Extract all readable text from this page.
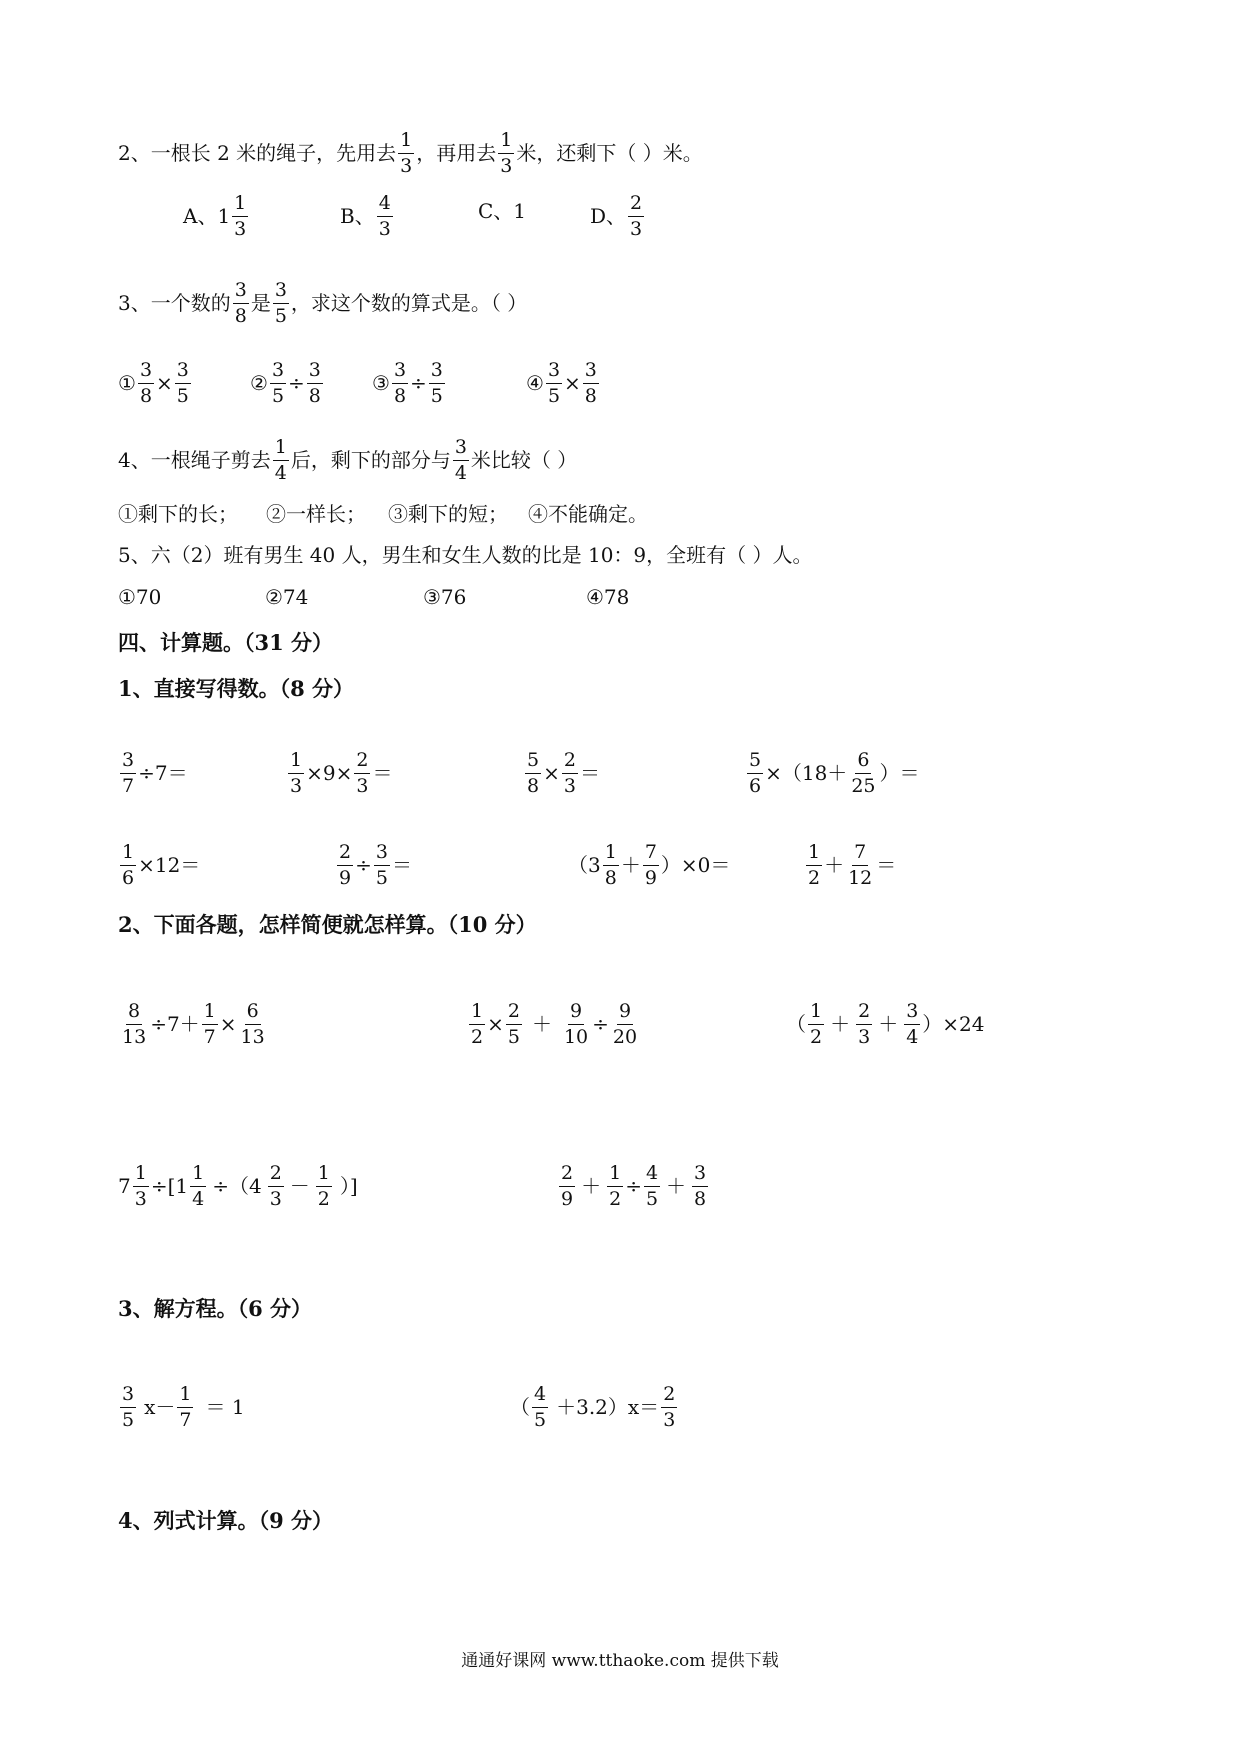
2、一根长 2 米的绳子，先用去
1
3
，再用去
1
3
米，还剩下（ ）米。
A、1
1
3
B、
4
3
C、1	D、
2
3
3、一个数的
3
8
是
3
5
，求这个数的算式是。（ ）
① $\frac{3}{8} \times \frac{3}{5}$	② $\frac{3}{5} \div \frac{3}{8}$ ③ $\frac{3}{8} \div \frac{3}{5}$	④ $\frac{3}{5} \times \frac{3}{8}$
4、一根绳子剪去
1
4
后，剩下的部分与
3
4
米比较（ ）
①剩下的长； ②一样长； ③剩下的短； ④不能确定。
5、六（2）班有男生 40 人，男生和女生人数的比是 10：9，全班有（ ）人。
①70	②74	③76	④78
四、计算题。（31 分）
1、直接写得数。（8 分）
$\frac{3}{7} \div 7=$	$\frac{1}{3} \times 9\times \frac{2}{3}$ ＝	$\frac{5}{8} \times \frac{2}{3}$ ＝	$\frac{5}{6} \times(18+$
6
25
）＝
$\frac{1}{6} \times 12=$	$\frac{2}{9} \div \frac{3}{5}$ ＝	（3
1
8
＋
7
9
）×0＝
1
2
＋
7
12
＝
2、下面各题，怎样简便就怎样算。（10 分）
$\frac{8}{13} \div 7+ \frac{1}{7} \times \frac{6}{13}$	$\frac{1}{2} \times \frac{2}{5} + \frac{9}{10} \div \frac{9}{20}$	（
1
2
＋
2
3
＋
3
4
）×24
$7 \frac{1}{3} \div[1 \frac{1}{4} \div(4$
2
3
－
1
2
）]
2
9
＋ $\frac{1}{2} \div \frac{4}{5}$ ＋
3
8
3、解方程。（6 分）
3
5
x－
1
7
＝ 1	（
4
5
＋3.2）x＝
2
3
4、列式计算。（9 分）
通通好课网 www.tthaoke.com 提供下载
